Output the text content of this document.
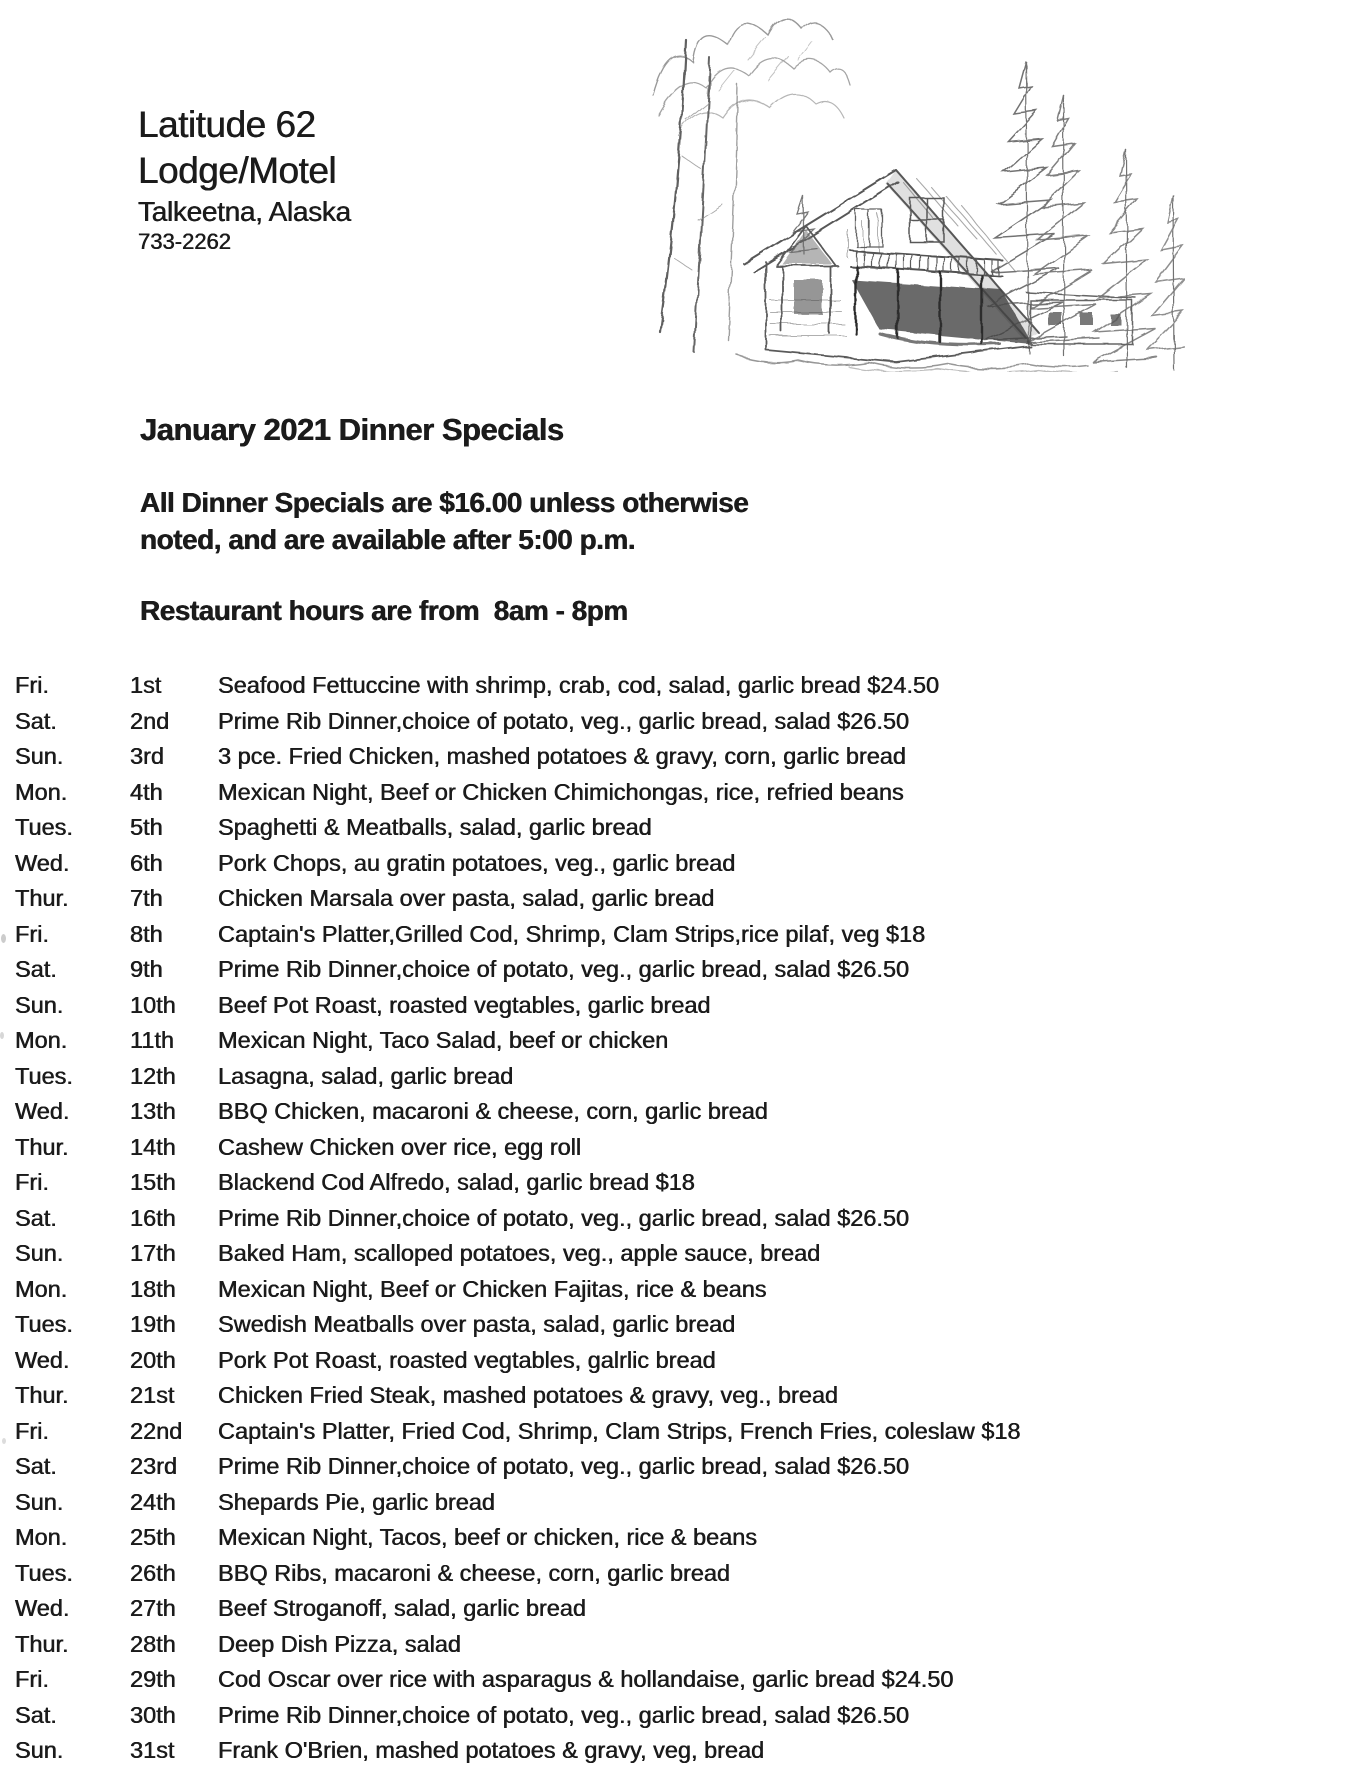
Latitude 62
Lodge/Motel
Talkeetna, Alaska
733-2262
January 2021 Dinner Specials
All Dinner Specials are $16.00 unless otherwise
noted, and are available after 5:00 p.m.
Restaurant hours are from  8am - 8pm
Fri.	1st	Seafood Fettuccine with shrimp, crab, cod, salad, garlic bread $24.50
Sat.	2nd	Prime Rib Dinner,choice of potato, veg., garlic bread, salad $26.50
Sun.	3rd	3 pce. Fried Chicken, mashed potatoes & gravy, corn, garlic bread
Mon.	4th	Mexican Night, Beef or Chicken Chimichongas, rice, refried beans
Tues.	5th	Spaghetti & Meatballs, salad, garlic bread
Wed.	6th	Pork Chops, au gratin potatoes, veg., garlic bread
Thur.	7th	Chicken Marsala over pasta, salad, garlic bread
Fri.	8th	Captain's Platter,Grilled Cod, Shrimp, Clam Strips,rice pilaf, veg $18
Sat.	9th	Prime Rib Dinner,choice of potato, veg., garlic bread, salad $26.50
Sun.	10th	Beef Pot Roast, roasted vegtables, garlic bread
Mon.	11th	Mexican Night, Taco Salad, beef or chicken
Tues.	12th	Lasagna, salad, garlic bread
Wed.	13th	BBQ Chicken, macaroni & cheese, corn, garlic bread
Thur.	14th	Cashew Chicken over rice, egg roll
Fri.	15th	Blackend Cod Alfredo, salad, garlic bread $18
Sat.	16th	Prime Rib Dinner,choice of potato, veg., garlic bread, salad $26.50
Sun.	17th	Baked Ham, scalloped potatoes, veg., apple sauce, bread
Mon.	18th	Mexican Night, Beef or Chicken Fajitas, rice & beans
Tues.	19th	Swedish Meatballs over pasta, salad, garlic bread
Wed.	20th	Pork Pot Roast, roasted vegtables, galrlic bread
Thur.	21st	Chicken Fried Steak, mashed potatoes & gravy, veg., bread
Fri.	22nd	Captain's Platter, Fried Cod, Shrimp, Clam Strips, French Fries, coleslaw $18
Sat.	23rd	Prime Rib Dinner,choice of potato, veg., garlic bread, salad $26.50
Sun.	24th	Shepards Pie, garlic bread
Mon.	25th	Mexican Night, Tacos, beef or chicken, rice & beans
Tues.	26th	BBQ Ribs, macaroni & cheese, corn, garlic bread
Wed.	27th	Beef Stroganoff, salad, garlic bread
Thur.	28th	Deep Dish Pizza, salad
Fri.	29th	Cod Oscar over rice with asparagus & hollandaise, garlic bread $24.50
Sat.	30th	Prime Rib Dinner,choice of potato, veg., garlic bread, salad $26.50
Sun.	31st	Frank O'Brien, mashed potatoes & gravy, veg, bread
